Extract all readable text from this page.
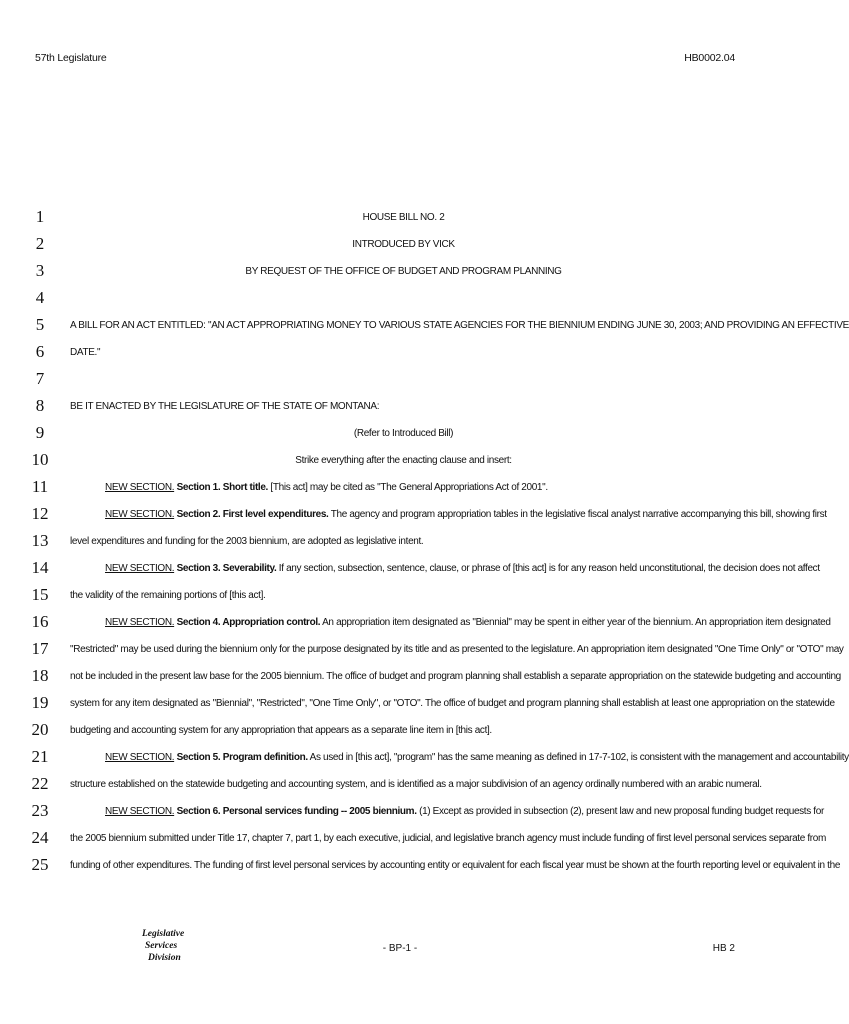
57th Legislature	HB0002.04
1	HOUSE BILL NO. 2
2	INTRODUCED BY VICK
3	BY REQUEST OF THE OFFICE OF BUDGET AND PROGRAM PLANNING
4
5	A BILL FOR AN ACT ENTITLED: "AN ACT APPROPRIATING MONEY TO VARIOUS STATE AGENCIES FOR THE BIENNIUM ENDING JUNE 30, 2003; AND PROVIDING AN EFFECTIVE
6	DATE."
7
8	BE IT ENACTED BY THE LEGISLATURE OF THE STATE OF MONTANA:
9	(Refer to Introduced Bill)
10	Strike everything after the enacting clause and insert:
11	NEW SECTION. Section 1. Short title. [This act] may be cited as "The General Appropriations Act of 2001".
12	NEW SECTION. Section 2. First level expenditures. The agency and program appropriation tables in the legislative fiscal analyst narrative accompanying this bill, showing first
13 level expenditures and funding for the 2003 biennium, are adopted as legislative intent.
14	NEW SECTION. Section 3. Severability. If any section, subsection, sentence, clause, or phrase of [this act] is for any reason held unconstitutional, the decision does not affect
15 the validity of the remaining portions of [this act].
16	NEW SECTION. Section 4. Appropriation control. An appropriation item designated as "Biennial" may be spent in either year of the biennium. An appropriation item designated
17 "Restricted" may be used during the biennium only for the purpose designated by its title and as presented to the legislature. An appropriation item designated "One Time Only" or "OTO" may
18 not be included in the present law base for the 2005 biennium. The office of budget and program planning shall establish a separate appropriation on the statewide budgeting and accounting
19 system for any item designated as "Biennial", "Restricted", "One Time Only", or "OTO". The office of budget and program planning shall establish at least one appropriation on the statewide
20 budgeting and accounting system for any appropriation that appears as a separate line item in [this act].
21	NEW SECTION. Section 5. Program definition. As used in [this act], "program" has the same meaning as defined in 17-7-102, is consistent with the management and accountability
22 structure established on the statewide budgeting and accounting system, and is identified as a major subdivision of an agency ordinally numbered with an arabic numeral.
23	NEW SECTION. Section 6. Personal services funding -- 2005 biennium. (1) Except as provided in subsection (2), present law and new proposal funding budget requests for
24 the 2005 biennium submitted under Title 17, chapter 7, part 1, by each executive, judicial, and legislative branch agency must include funding of first level personal services separate from
25 funding of other expenditures. The funding of first level personal services by accounting entity or equivalent for each fiscal year must be shown at the fourth reporting level or equivalent in the
Legislative
Services
Division
- BP-1 -	HB 2
